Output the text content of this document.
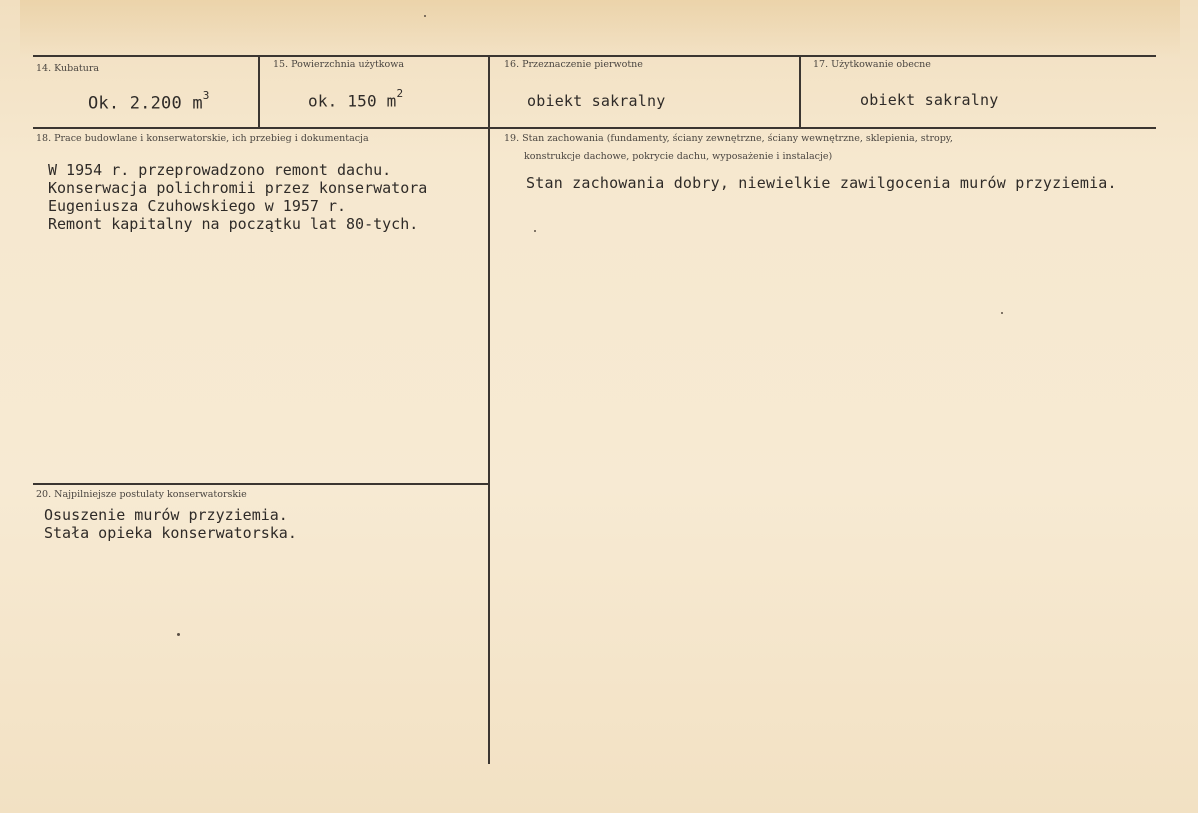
14. Kubatura
Ok. 2.200 $m^3$
15. Powierzchnia użytkowa
ok. 150 $m^2$
16. Przeznaczenie pierwotne
obiekt sakralny
17. Użytkowanie obecne
obiekt sakralny
18. Prace budowlane i konserwatorskie, ich przebieg i dokumentacja
W 1954 r. przeprowadzono remont dachu.
Konserwacja polichromii przez konserwatora
Eugeniusza Czuhowskiego w 1957 r.
Remont kapitalny na początku lat 80-tych.
19. Stan zachowania (fundamenty, ściany zewnętrzne, ściany wewnętrzne, sklepienia, stropy,
konstrukcje dachowe, pokrycie dachu, wyposażenie i instalacje)
Stan zachowania dobry, niewielkie zawilgocenia murów przyziemia.
20. Najpilniejsze postulaty konserwatorskie
Osuszenie murów przyziemia.
Stała opieka konserwatorska.
